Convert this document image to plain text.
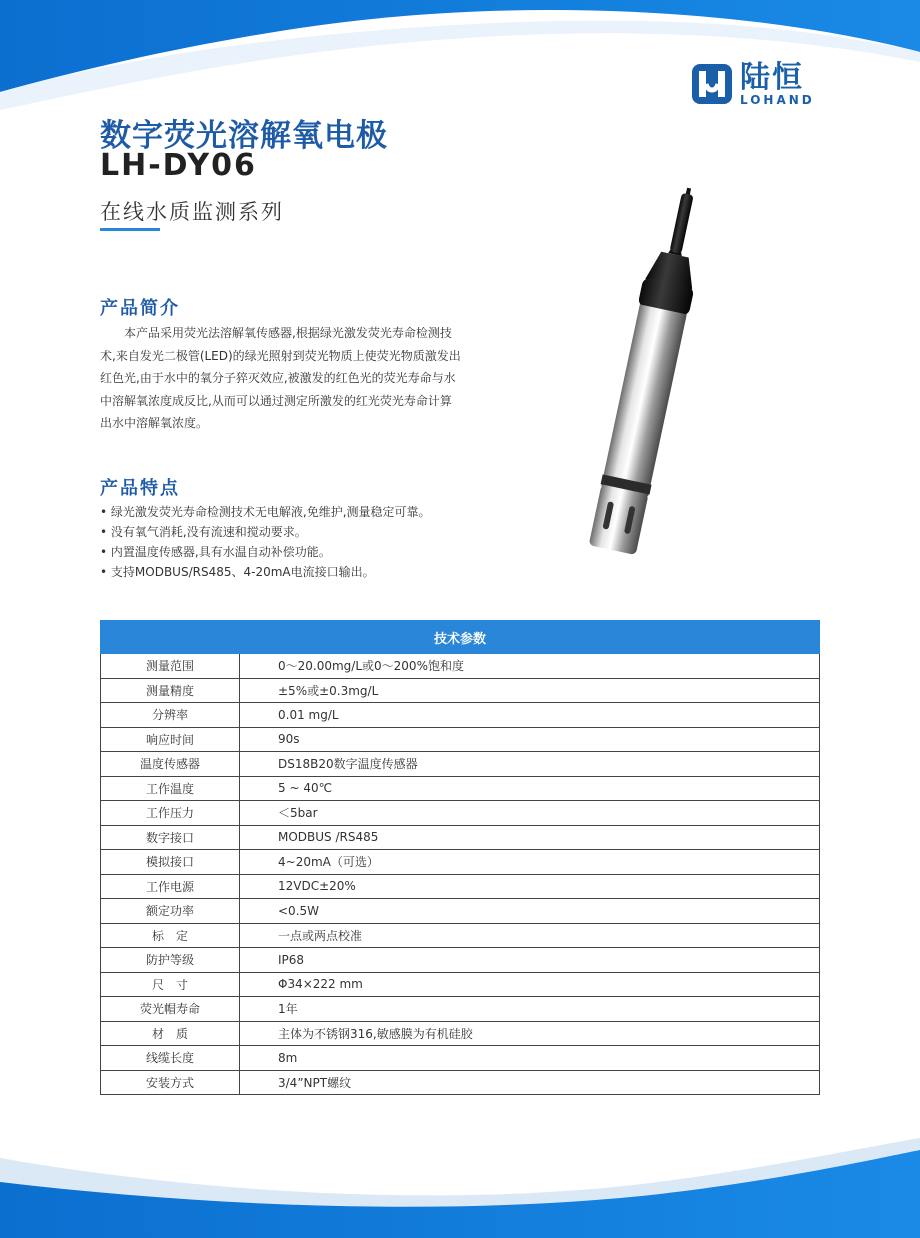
陆恒
LOHAND
数字荧光溶解氧电极
LH-DY06
在线水质监测系列
产品简介
本产品采用荧光法溶解氧传感器,根据绿光激发荧光寿命检测技术,来自发光二极管(LED)的绿光照射到荧光物质上使荧光物质激发出红色光,由于水中的氧分子猝灭效应,被激发的红色光的荧光寿命与水中溶解氧浓度成反比,从而可以通过测定所激发的红光荧光寿命计算出水中溶解氧浓度。
产品特点
• 绿光激发荧光寿命检测技术无电解液,免维护,测量稳定可靠。
• 没有氧气消耗,没有流速和搅动要求。
• 内置温度传感器,具有水温自动补偿功能。
• 支持MODBUS/RS485、4-20mA电流接口输出。
技术参数	
测量范围	0～20.00mg/L或0～200%饱和度
测量精度	±5%或±0.3mg/L
分辨率	0.01 mg/L
响应时间	90s
温度传感器	DS18B20数字温度传感器
工作温度	5 ~ 40℃
工作压力	＜5bar
数字接口	MODBUS /RS485
模拟接口	4~20mA（可选）
工作电源	12VDC±20%
额定功率	<0.5W
标　定	一点或两点校准
防护等级	IP68
尺　寸	Φ34×222 mm
荧光帽寿命	1年
材　质	主体为不锈钢316,敏感膜为有机硅胶
线缆长度	8m
安装方式	3/4”NPT螺纹
